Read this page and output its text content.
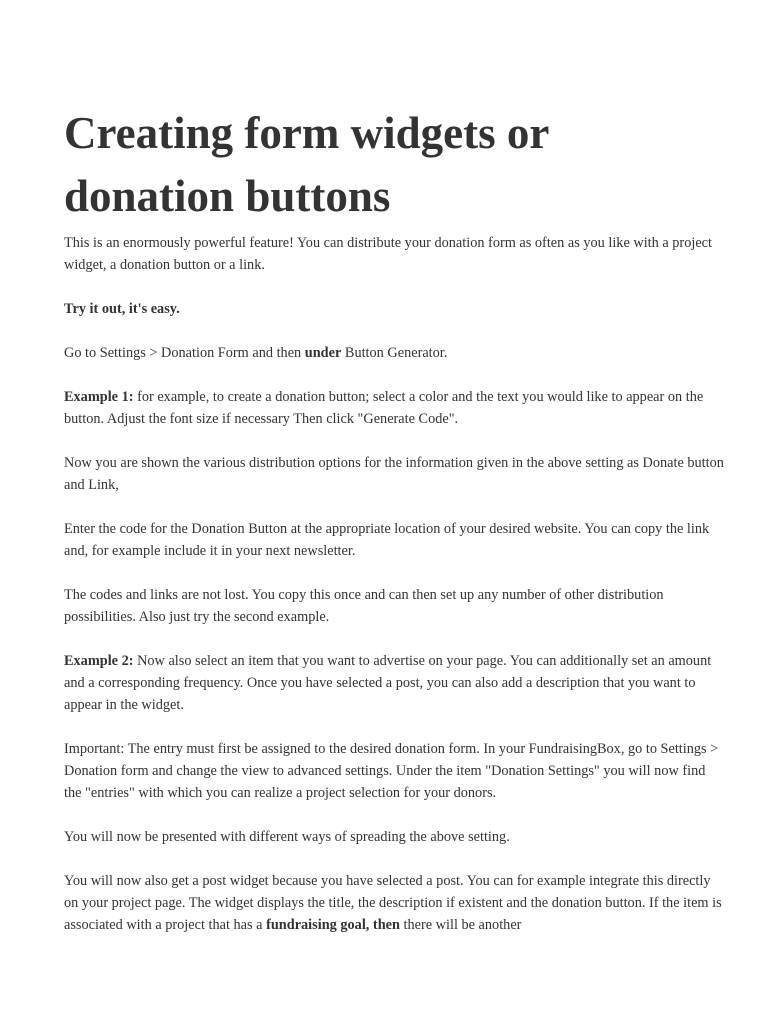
Creating form widgets or donation buttons

This is an enormously powerful feature! You can distribute your donation form as often as you like with a project widget, a donation button or a link.

Try it out, it's easy.

Go to Settings > Donation Form and then under Button Generator.

Example 1: for example, to create a donation button; select a color and the text you would like to appear on the button. Adjust the font size if necessary Then click "Generate Code".

Now you are shown the various distribution options for the information given in the above setting as Donate button and Link,

Enter the code for the Donation Button at the appropriate location of your desired website. You can copy the link and, for example include it in your next newsletter.

The codes and links are not lost. You copy this once and can then set up any number of other distribution possibilities. Also just try the second example.

Example 2: Now also select an item that you want to advertise on your page. You can additionally set an amount and a corresponding frequency. Once you have selected a post, you can also add a description that you want to appear in the widget.

Important: The entry must first be assigned to the desired donation form. In your FundraisingBox, go to Settings > Donation form and change the view to advanced settings. Under the item "Donation Settings" you will now find the "entries" with which you can realize a project selection for your donors.

You will now be presented with different ways of spreading the above setting.

You will now also get a post widget because you have selected a post. You can for example integrate this directly on your project page. The widget displays the title, the description if existent and the donation button. If the item is associated with a project that has a fundraising goal, then there will be another
